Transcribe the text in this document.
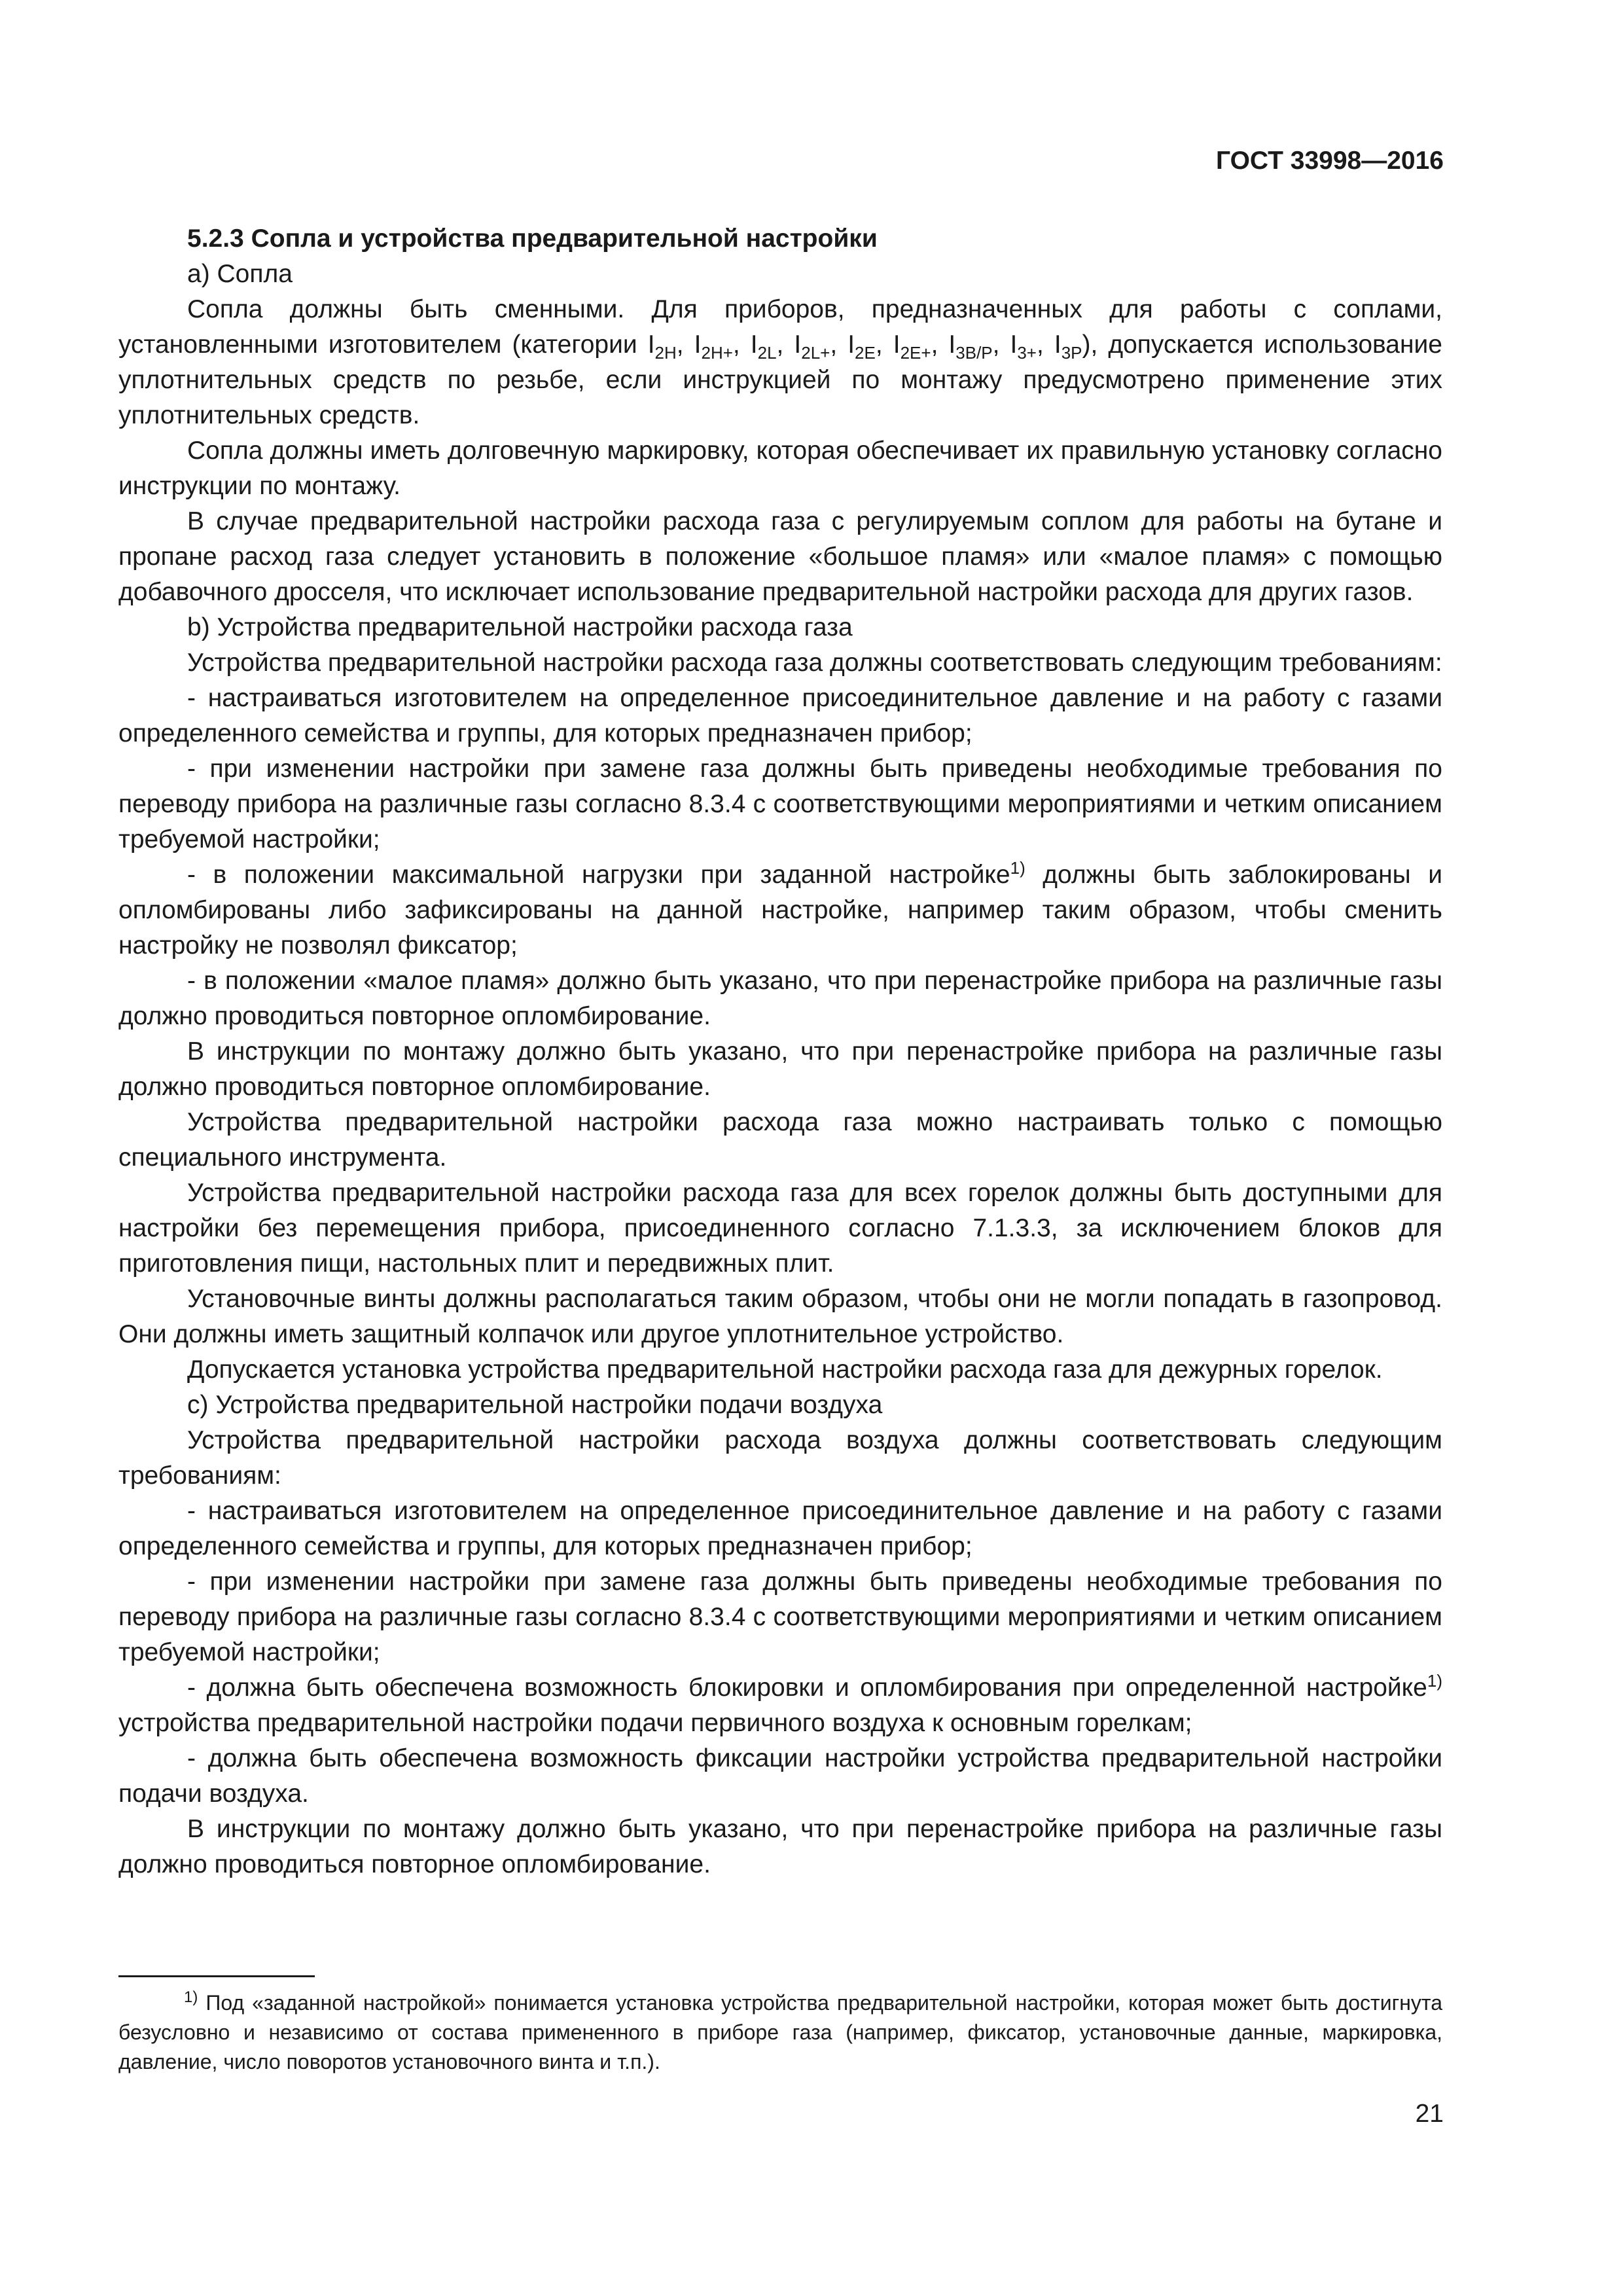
ГОСТ 33998—2016

5.2.3 Сопла и устройства предварительной настройки

а) Сопла

Сопла должны быть сменными. Для приборов, предназначенных для работы с соплами, установленными изготовителем (категории $I_{2H}$, $I_{2H+}$, $I_{2L}$, $I_{2L+}$, $I_{2E}$, $I_{2E+}$, $I_{3B/P}$, $I_{3+}$, $I_{3P}$), допускается использование уплотнительных средств по резьбе, если инструкцией по монтажу предусмотрено применение этих уплотнительных средств.

Сопла должны иметь долговечную маркировку, которая обеспечивает их правильную установку согласно инструкции по монтажу.

В случае предварительной настройки расхода газа с регулируемым соплом для работы на бутане и пропане расход газа следует установить в положение «большое пламя» или «малое пламя» с помощью добавочного дросселя, что исключает использование предварительной настройки расхода для других газов.

b) Устройства предварительной настройки расхода газа

Устройства предварительной настройки расхода газа должны соответствовать следующим требованиям:

- настраиваться изготовителем на определенное присоединительное давление и на работу с газами определенного семейства и группы, для которых предназначен прибор;

- при изменении настройки при замене газа должны быть приведены необходимые требования по переводу прибора на различные газы согласно 8.3.4 с соответствующими мероприятиями и четким описанием требуемой настройки;

- в положении максимальной нагрузки при заданной настройке$^{1)}$ должны быть заблокированы и опломбированы либо зафиксированы на данной настройке, например таким образом, чтобы сменить настройку не позволял фиксатор;

- в положении «малое пламя» должно быть указано, что при перенастройке прибора на различные газы должно проводиться повторное опломбирование.

В инструкции по монтажу должно быть указано, что при перенастройке прибора на различные газы должно проводиться повторное опломбирование.

Устройства предварительной настройки расхода газа можно настраивать только с помощью специального инструмента.

Устройства предварительной настройки расхода газа для всех горелок должны быть доступными для настройки без перемещения прибора, присоединенного согласно 7.1.3.3, за исключением блоков для приготовления пищи, настольных плит и передвижных плит.

Установочные винты должны располагаться таким образом, чтобы они не могли попадать в газопровод. Они должны иметь защитный колпачок или другое уплотнительное устройство.

Допускается установка устройства предварительной настройки расхода газа для дежурных горелок.

с) Устройства предварительной настройки подачи воздуха

Устройства предварительной настройки расхода воздуха должны соответствовать следующим требованиям:

- настраиваться изготовителем на определенное присоединительное давление и на работу с газами определенного семейства и группы, для которых предназначен прибор;

- при изменении настройки при замене газа должны быть приведены необходимые требования по переводу прибора на различные газы согласно 8.3.4 с соответствующими мероприятиями и четким описанием требуемой настройки;

- должна быть обеспечена возможность блокировки и опломбирования при определенной настройке$^{1)}$ устройства предварительной настройки подачи первичного воздуха к основным горелкам;

- должна быть обеспечена возможность фиксации настройки устройства предварительной настройки подачи воздуха.

В инструкции по монтажу должно быть указано, что при перенастройке прибора на различные газы должно проводиться повторное опломбирование.

$^{1)}$ Под «заданной настройкой» понимается установка устройства предварительной настройки, которая может быть достигнута безусловно и независимо от состава примененного в приборе газа (например, фиксатор, установочные данные, маркировка, давление, число поворотов установочного винта и т.п.).

21
